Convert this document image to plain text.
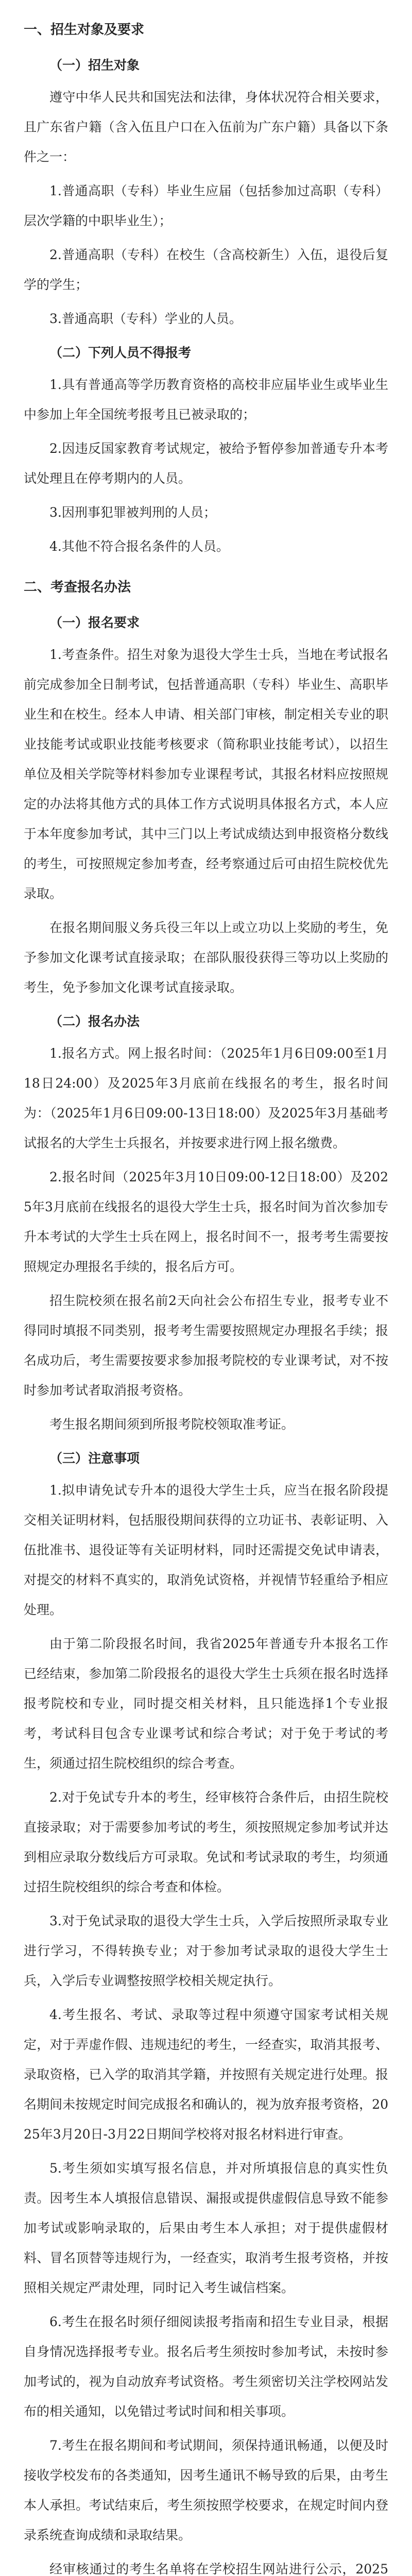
一、招生对象及要求
（一）招生对象

遵守中华人民共和国宪法和法律，身体状况符合相关要求，且广东省户籍（含入伍且户口在入伍前为广东户籍）具备以下条件之一：

1.普通高职（专科）毕业生应届（包括参加过高职（专科）层次学籍的中职毕业生）；

2.普通高职（专科）在校生（含高校新生）入伍，退役后复学的学生；

3.普通高职（专科）学业的人员。

（二）下列人员不得报考

1.具有普通高等学历教育资格的高校非应届毕业生或毕业生中参加上年全国统考报考且已被录取的；

2.因违反国家教育考试规定，被给予暂停参加普通专升本考试处理且在停考期内的人员。

3.因刑事犯罪被判刑的人员；

4.其他不符合报名条件的人员。

二、考查报名办法
（一）报名要求

1.考查条件。招生对象为退役大学生士兵，当地在考试报名前完成参加全日制考试，包括普通高职（专科）毕业生、高职毕业生和在校生。经本人申请、相关部门审核，制定相关专业的职业技能考试或职业技能考核要求（简称职业技能考试），以招生单位及相关学院等材料参加专业课程考试，其报名材料应按照规定的办法将其他方式的具体工作方式说明具体报名方式，本人应于本年度参加考试，其中三门以上考试成绩达到申报资格分数线的考生，可按照规定参加考查，经考察通过后可由招生院校优先录取。

在报名期间服义务兵役三年以上或立功以上奖励的考生，免予参加文化课考试直接录取；在部队服役获得三等功以上奖励的考生，免予参加文化课考试直接录取。

（二）报名办法

1.报名方式。网上报名时间：（2025年1月6日09:00至1月18日24:00）及2025年3月底前在线报名的考生，报名时间为：（2025年1月6日09:00-13日18:00）及2025年3月基础考试报名的大学生士兵报名，并按要求进行网上报名缴费。

2.报名时间（2025年3月10日09:00-12日18:00）及2025年3月底前在线报名的退役大学生士兵，报名时间为首次参加专升本考试的大学生士兵在网上，报名时间不一，报考考生需要按照规定办理报名手续的，报名后方可。

招生院校须在报名前2天向社会公布招生专业，报考专业不得同时填报不同类别，报考考生需要按照规定办理报名手续；报名成功后，考生需要按要求参加报考院校的专业课考试，对不按时参加考试者取消报考资格。

考生报名期间须到所报考院校领取准考证。

（三）注意事项

1.拟申请免试专升本的退役大学生士兵，应当在报名阶段提交相关证明材料，包括服役期间获得的立功证书、表彰证明、入伍批准书、退役证等有关证明材料，同时还需提交免试申请表，对提交的材料不真实的，取消免试资格，并视情节轻重给予相应处理。

由于第二阶段报名时间，我省2025年普通专升本报名工作已经结束，参加第二阶段报名的退役大学生士兵须在报名时选择报考院校和专业，同时提交相关材料，且只能选择1个专业报考，考试科目包含专业课考试和综合考试；对于免于考试的考生，须通过招生院校组织的综合考查。

2.对于免试专升本的考生，经审核符合条件后，由招生院校直接录取；对于需要参加考试的考生，须按照规定参加考试并达到相应录取分数线后方可录取。免试和考试录取的考生，均须通过招生院校组织的综合考查和体检。

3.对于免试录取的退役大学生士兵，入学后按照所录取专业进行学习，不得转换专业；对于参加考试录取的退役大学生士兵，入学后专业调整按照学校相关规定执行。

4.考生报名、考试、录取等过程中须遵守国家考试相关规定，对于弄虚作假、违规违纪的考生，一经查实，取消其报考、录取资格，已入学的取消其学籍，并按照有关规定进行处理。报名期间未按规定时间完成报名和确认的，视为放弃报考资格，2025年3月20日-3月22日期间学校将对报名材料进行审查。

5.考生须如实填写报名信息，并对所填报信息的真实性负责。因考生本人填报信息错误、漏报或提供虚假信息导致不能参加考试或影响录取的，后果由考生本人承担；对于提供虚假材料、冒名顶替等违规行为，一经查实，取消考生报考资格，并按照相关规定严肃处理，同时记入考生诚信档案。

6.考生在报名时须仔细阅读报考指南和招生专业目录，根据自身情况选择报考专业。报名后考生须按时参加考试，未按时参加考试的，视为自动放弃考试资格。考生须密切关注学校网站发布的相关通知，以免错过考试时间和相关事项。

7.考生在报名期间和考试期间，须保持通讯畅通，以便及时接收学校发布的各类通知，因考生通讯不畅导致的后果，由考生本人承担。考试结束后，考生须按照学校要求，在规定时间内登录系统查询成绩和录取结果。

经审核通过的考生名单将在学校招生网站进行公示，2025
